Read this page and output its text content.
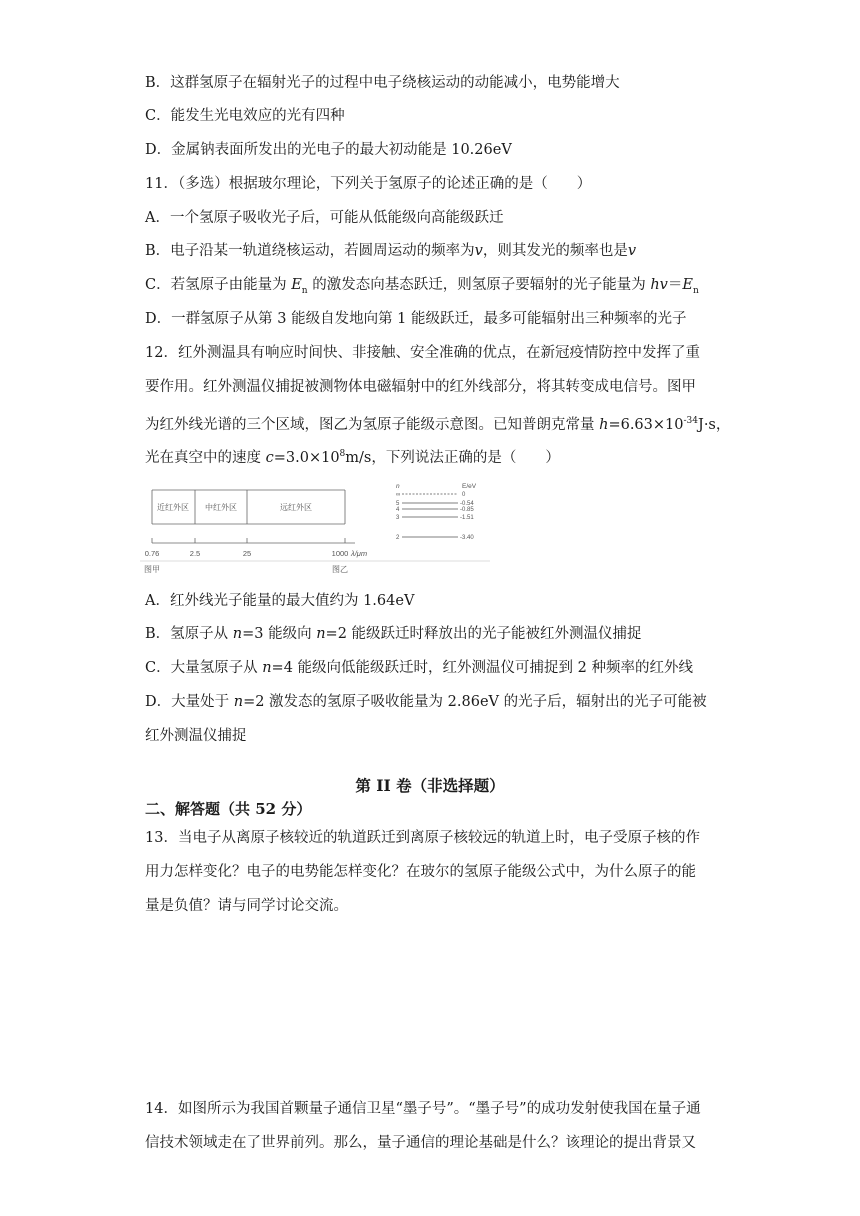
B．这群氢原子在辐射光子的过程中电子绕核运动的动能减小，电势能增大
C．能发生光电效应的光有四种
D．金属钠表面所发出的光电子的最大初动能是 10.26eV
11．（多选）根据玻尔理论，下列关于氢原子的论述正确的是（　　）
A．一个氢原子吸收光子后，可能从低能级向高能级跃迁
B．电子沿某一轨道绕核运动，若圆周运动的频率为v，则其发光的频率也是v
C．若氢原子由能量为 $E_n$ 的激发态向基态跃迁，则氢原子要辐射的光子能量为 $hv=E_n$
D．一群氢原子从第 3 能级自发地向第 1 能级跃迁，最多可能辐射出三种频率的光子
12．红外测温具有响应时间快、非接触、安全准确的优点，在新冠疫情防控中发挥了重
要作用。红外测温仪捕捉被测物体电磁辐射中的红外线部分，将其转变成电信号。图甲
为红外线光谱的三个区域，图乙为氢原子能级示意图。已知普朗克常量 $h=6.63\times 10^{-34}J\cdot s$，
光在真空中的速度 $c=3.0\times 10^8m/s$，下列说法正确的是（　　）
近红外区 中红外区	远红外区
0.76	2.5	25	1000 λ/μm
图甲	图乙
n	E/eV
∞
5
4
3
2
0
-0.54
-0.85
-1.51
-3.40
A．红外线光子能量的最大值约为 1.64eV
B．氢原子从 n=3 能级向 n=2 能级跃迁时释放出的光子能被红外测温仪捕捉
C．大量氢原子从 n=4 能级向低能级跃迁时，红外测温仪可捕捉到 2 种频率的红外线
D．大量处于 n=2 激发态的氢原子吸收能量为 2.86eV 的光子后，辐射出的光子可能被
红外测温仪捕捉
第 II 卷（非选择题）
二、解答题（共 52 分）
13．当电子从离原子核较近的轨道跃迁到离原子核较远的轨道上时，电子受原子核的作
用力怎样变化？电子的电势能怎样变化？在玻尔的氢原子能级公式中，为什么原子的能
量是负值？请与同学讨论交流。
14．如图所示为我国首颗量子通信卫星“墨子号”。“墨子号”的成功发射使我国在量子通
信技术领域走在了世界前列。那么，量子通信的理论基础是什么？该理论的提出背景又
